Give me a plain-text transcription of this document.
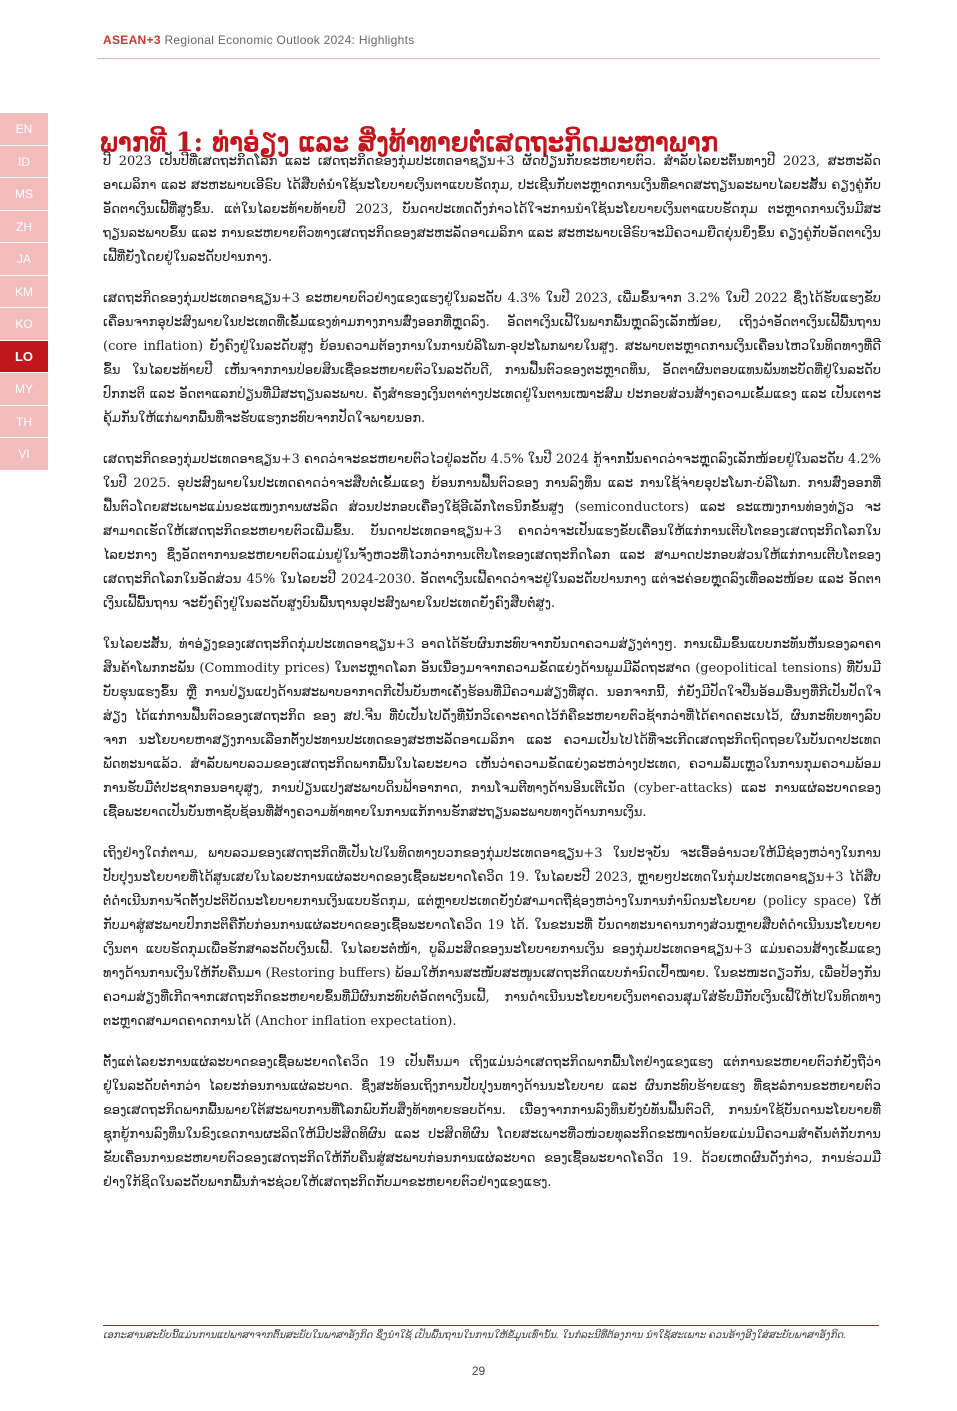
ASEAN+3 Regional Economic Outlook 2024: Highlights
EN
ID
MS
ZH
JA
KM
KO
LO
MY
TH
VI
ພາກທີ 1: ທ່າອ່ຽງ ແລະ ສິ່ງທ້າທາຍຕໍ່ເສດຖະກິດມະຫາພາກ

ປີ 2023 ເປັນປີທີ່ເສດຖະກິດໂລກ ແລະ ເສດຖະກິດຂອງກຸ່ມປະເທດອາຊຽນ+3 ຜັດປ່ຽນກັບຂະຫຍາຍຕົວ. ສຳລັບໄລຍະຕົ້ນທາງປີ 2023, ສະຫະລັດອາເມລິກາ ແລະ ສະຫະພາບເອີຣົບ ໄດ້ສືບຕໍ່ນຳໃຊ້ນະໂຍບາຍເງິນຕາແບບຮັດກຸມ, ປະເຊີນກັບຕະຫຼາດການເງິນທີ່ຂາດສະຖຽນລະພາບໄລຍະສັ້ນ ຄຽງຄູ່ກັບອັດຕາເງິນເຟີ້ທີ່ສູງຂຶ້ນ. ແຕ່ໃນໄລຍະທ້າຍທ້າຍປີ 2023, ບັນດາປະເທດດັ່ງກ່າວໄດ້ໃຈະການນຳໃຊ້ນະໂຍບາຍເງິນຕາແບບຮັດກຸມ ຕະຫຼາດການເງິນມີສະຖຽນລະພາບຂຶ້ນ ແລະ ການຂະຫຍາຍຕົວທາງເສດຖະກິດຂອງສະຫະລັດອາເມລິກາ ແລະ ສະຫະພາບເອີຣົບຈະມີຄວາມຍືດຍຸ່ນຍິ່ງຂຶ້ນ ຄຽງຄູ່ກັບອັດຕາເງິນເຟີ້ທີ່ຍັງໂດຍຢູ່ໃນລະດັບປານກາງ.

ເສດຖະກິດຂອງກຸ່ມປະເທດອາຊຽນ+3 ຂະຫຍາຍຕົວຢ່າງແຂງແຮງຢູ່ໃນລະດັບ 4.3% ໃນປີ 2023, ເພີ່ມຂຶ້ນຈາກ 3.2% ໃນປີ 2022 ຊຶ່ງໄດ້ຮັບແຮງຂັບເຄື່ອນຈາກອຸປະສົງພາຍໃນປະເທດທີ່ເຂັ້ມແຂງທ່າມກາງການສົ່ງອອກທີ່ຫຼຸດລົງ. ອັດຕາເງິນເຟີ້ໃນພາກພື້ນຫຼຸດລົງເລັກໜ້ອຍ, ເຖິງວ່າອັດຕາເງິນເຟີ້ພື້ນຖານ (core inflation) ຍັງຄົງຢູ່ໃນລະດັບສູງ ຍ້ອນຄວາມຕ້ອງການໃນການບໍລິໂພກ-ອຸປະໂພກພາຍໃນສູງ. ສະພາບຕະຫຼາດການເງິນເຄື່ອນໄຫວໃນທິດທາງທີ່ດີຂຶ້ນ ໃນໄລຍະທ້າຍປີ ເຫັນຈາກການປ່ອຍສິນເຊື່ອຂະຫຍາຍຕົວໃນລະດັບດີ, ການຟື້ນຕົວຂອງຕະຫຼາດທຶນ, ອັດຕາຜົນຕອບແທນພັນທະບັດທີ່ຢູ່ໃນລະດັບປົກກະຕິ ແລະ ອັດຕາແລກປ່ຽນທີ່ມີສະຖຽນລະພາບ. ຄັງສຳຮອງເງິນຕາຕ່າງປະເທດຢູ່ໃນຕານເໝາະສົມ ປະກອບສ່ວນສ້າງຄວາມເຂັ້ມແຂງ ແລະ ເປັນເຕາະຄຸ້ມກັນໃຫ້ແກ່ພາກພື້ນທີ່ຈະຮັບແຮງກະທົບຈາກປັດໃຈພາຍນອກ.

ເສດຖະກິດຂອງກຸ່ມປະເທດອາຊຽນ+3 ຄາດວ່າຈະຂະຫຍາຍຕົວໄວຢູ່ລະດັບ 4.5% ໃນປີ 2024 ກູ້ຈາກນັ້ນຄາດວ່າຈະຫຼຸດລົງເລັກໜ້ອຍຢູ່ໃນລະດັບ 4.2% ໃນປີ 2025. ອຸປະສົງພາຍໃນປະເທດຄາດວ່າຈະສືບຕໍ່ເຂັ້ມແຂງ ຍ້ອນການຟື້ນຕົວຂອງ ການລົງທຶນ ແລະ ການໃຊ້ຈ່າຍອຸປະໂພກ-ບໍລິໂພກ. ການສົ່ງອອກທີ່ຟື້ນຕົວໂດຍສະເພາະແມ່ນຂະແໜງການຜະລິດ ສ່ວນປະກອບເຄື່ອງໃຊ້ອີເລັກໂຕຣນິກຂັ້ນສູງ (semiconductors) ແລະ ຂະແໜງການທ່ອງທ່ຽວ ຈະສາມາດເຮັດໃຫ້ເສດຖະກິດຂະຫຍາຍຕົວເພີ່ມຂຶ້ນ. ບັນດາປະເທດອາຊຽນ+3 ຄາດວ່າຈະເປັນແຮງຂັບເຄື່ອນໃຫ້ແກ່ການເຕີບໂຕຂອງເສດຖະກິດໂລກໃນໄລຍະກາງ ຊຶ່ງອັດຕາການຂະຫຍາຍຕົວແມ່ນຢູ່ໃນຈັງຫວະທີ່ໄວກວ່າການເຕີບໂຕຂອງເສດຖະກິດໂລກ ແລະ ສາມາດປະກອບສ່ວນໃຫ້ແກ່ການເຕີບໂຕຂອງເສດຖະກິດໂລກໃນອັດສ່ວນ 45% ໃນໄລຍະປີ 2024-2030. ອັດຕາເງິນເຟີ້ຄາດວ່າຈະຢູ່ໃນລະດັບປານກາງ ແຕ່ຈະຄ່ອຍຫຼຸດລົງເທື່ອລະໜ້ອຍ ແລະ ອັດຕາເງິນເຟີ້ພື້ນຖານ ຈະຍັງຄົງຢູ່ໃນລະດັບສູງບົນພື້ນຖານອຸປະສົງພາຍໃນປະເທດຍັງຄົງສືບຕໍ່ສູງ.

ໃນໄລຍະສັ້ນ, ທ່າອ່ຽງຂອງເສດຖະກິດກຸ່ມປະເທດອາຊຽນ+3 ອາດໄດ້ຮັບຜົນກະທົບຈາກບັນດາຄວາມສ່ຽງຕ່າງໆ. ການເພີ່ມຂຶ້ນແບບກະທັນຫັນຂອງລາຄາສິນຄ້າໂພກກະພັນ (Commodity prices) ໃນຕະຫຼາດໂລກ ອັນເນື່ອງມາຈາກຄວາມຂັດແຍ່ງດ້ານພູມມີລັດຖະສາດ (geopolitical tensions) ທີ່ບັນມີບັບຮຸນແຮງຂຶ້ນ ຫຼື ການປ່ຽນແປງດ້ານສະພາບອາກາດກີເປັນບັນຫາເຄັ່ງຮ້ອນທີ່ມີຄວາມສ່ຽງທີ່ສຸດ. ນອກຈາກນີ້, ກໍຍັງມີປັດໃຈປີ່ນອ້ອມອື່ນໆທີ່ກີເປັນປັດໃຈສ່ຽງ ໄດ້ແກ່ການຟື້ນຕົວຂອງເສດຖະກິດ ຂອງ ສປ.ຈີນ ທີ່ບໍ່ເປັນໄປດັ່ງທີ່ນັກວິເຄາະຄາດໄວ້ກໍຄືຂະຫຍາຍຕົວຊ້າກວ່າທີ່ໄດ້ຄາດຄະເນໄວ້, ຜົນກະທົບທາງລົບຈາກ ນະໂຍບາຍຫາສຽງການເລືອກຕັ້ງປະທານປະເທດຂອງສະຫະລັດອາເມລິກາ ແລະ ຄວາມເປັນໄປໄດ້ທີ່ຈະເກີດເສດຖະກິດຖົດຖອຍໃນບັນດາປະເທດພັດທະນາແລ້ວ. ສຳລັບພາບລວມຂອງເສດຖະກິດພາກພື້ນໃນໄລຍະຍາວ ເຫັນວ່າຄວາມຂັດແຍ່ງລະຫວ່າງປະເທດ, ຄວາມລົ້ມເຫຼວໃນການກຸມຄວາມພ້ອມການຮັບມືຕໍ່ປະຊາກອນອາຍຸສູງ, ການປ່ຽນແປງສະພາບດິນຟ້າອາກາດ, ການໂຈມຕີທາງດ້ານອິນເຕີເນັດ (cyber-attacks) ແລະ ການແຜ່ລະບາດຂອງເຊື້ອພະຍາດເປັນບັນຫາຊັບຊ້ອນທີ່ສ້າງຄວາມທ້າທາຍໃນການແກ້ການຮັກສະຖຽນລະພາບທາງດ້ານການເງິນ.

ເຖິງຢ່າງໃດກໍຕາມ, ພາບລວມຂອງເສດຖະກິດທີ່ເປັນໄປໃນທິດທາງບວກຂອງກຸ່ມປະເທດອາຊຽນ+3 ໃນປະຈຸບັນ ຈະເອື້ອອຳນວຍໃຫ້ມີຊ່ອງຫວ່າງໃນການປັບປຸງນະໂຍບາຍທີ່ໄດ້ສູນເສຍໃນໄລຍະການແຜ່ລະບາດຂອງເຊື້ອພະຍາດໂຄວິດ 19. ໃນໄລຍະປີ 2023, ຫຼາຍໆປະເທດໃນກຸ່ມປະເທດອາຊຽນ+3 ໄດ້ສືບຕໍ່ດຳເນີນການຈັດຕັ້ງປະຕິບັດນະໂຍບາຍການເງິນແບບຮັດກຸມ, ແຕ່ຫຼາຍປະເທດຍັງບໍ່ສາມາດຖືຊ່ອງຫວ່າງໃນການກຳນົດນະໂຍບາຍ (policy space) ໃຫ້ກັບມາສູ່ສະພາບປົກກະຕິຄືກັບກ່ອນການແຜ່ລະບາດຂອງເຊື້ອພະຍາດໂຄວິດ 19 ໄດ້. ໃນຂະນະທີ່ ບັນດາທະນາຄານກາງສ່ວນຫຼາຍສືບຕໍ່ດຳເນີນນະໂຍບາຍເງິນຕາ ແບບຮັດກຸມເພື່ອຮັກສາລະດັບເງິນເຟີ້. ໃນໄລຍະຕໍ່ໜ້າ, ບູລິມະສິດຂອງນະໂຍບາຍການເງິນ ຂອງກຸ່ມປະເທດອາຊຽນ+3 ແມ່ນຄວນສ້າງເຂັ້ມແຂງທາງດ້ານການເງິນໃຫ້ກັບຄືນມາ (Restoring buffers) ພ້ອມໃຫ້ການສະໜັບສະໜູນເສດຖະກິດແບບກຳນົດເປົ້າໝາຍ. ໃນຂະໜະດຽວກັນ, ເພື່ອປ້ອງກັນ ຄວາມສ່ຽງທີ່ເກີດຈາກເສດຖະກິດຂະຫຍາຍຂຶ້ນທີ່ມີຜົນກະທົບຕໍ່ອັດຕາເງິນເຟີ້, ການດຳເນີນນະໂຍບາຍເງິນຕາຄວນສຸມໃສ່ຮັບມືກັບເງິນເຟີ້ໃຫ້ໄປໃນທິດທາງຕະຫຼາດສາມາດຄາດການໄດ້ (Anchor inflation expectation).

ຕັ້ງແຕ່ໄລຍະການແຜ່ລະບາດຂອງເຊື້ອພະຍາດໂຄວິດ 19 ເປັນຕົ້ນມາ ເຖິງແມ່ນວ່າເສດຖະກິດພາກພື້ນໂຕຢ່າງແຂງແຮງ ແຕ່ການຂະຫຍາຍຕົວກໍຍັງຖືວ່າຢູ່ໃນລະດັບຕໍ່າກວ່າ ໄລຍະກ່ອນການແຜ່ລະບາດ. ຊຶ່ງສະທ້ອນເຖິງການປັບປຸງນທາງດ້ານນະໂຍບາຍ ແລະ ຜົນກະທົບຮ້າຍແຮງ ທີ່ຊະລໍການຂະຫຍາຍຕົວຂອງເສດຖະກິດພາກພື້ນພາຍໃຕ້ສະພາບການທີ່ໂລກພົບກັບສິ່ງທ້າທາຍຮອບດ້ານ. ເນື່ອງຈາກການລົງທຶນຍັງບໍ່ທັນຟື້ນຕົວດີ, ການນຳໃຊ້ບັນດານະໂຍບາຍທີ່ ຊຸກຍູ້ການລົງທຶນໃນຂົງເຂດການຜະລິດໃຫ້ມີປະສິດທິຜົນ ແລະ ປະສິດທິຜົນ ໂດຍສະເພາະທີ່ວໜ່ວຍທຸລະກິດຂະໜາດນ້ອຍແມ່ນມີຄວາມສຳຄັນຕໍ່ກັບການຂັບເຄື່ອນການຂະຫຍາຍຕົວຂອງເສດຖະກິດໃຫ້ກັບຄືນສູ່ສະພາບກ່ອນການແຜ່ລະບາດ ຂອງເຊື້ອພະຍາດໂຄວິດ 19. ດ້ວຍເຫດຜົນດັ່ງກ່າວ, ການຮ່ວມມືຢ່າງໃກ້ຊິດໃນລະດັບພາກພື້ນກໍຈະຊ່ວຍໃຫ້ເສດຖະກິດກັບມາຂະຫຍາຍຕົວຢ່າງແຂງແຮງ.

ເອກະສານສະບັບນີ້ແມ່ນການແປພາສາຈາກຕົ້ນສະບັບໃນພາສາອັງກິດ ຊຶ່ງນຳໃຊ້ ເປັນພື້ນຖານໃນການໃຫ້ຂໍ້ມູນເທົ່ານັ້ນ. ໃນກໍລະນີທີ່ຕ້ອງການ ນຳໃຊ້ສະເພາະ ຄວນອ້າງອີງໃສ່ສະບັບພາສາອັງກິດ.
29
